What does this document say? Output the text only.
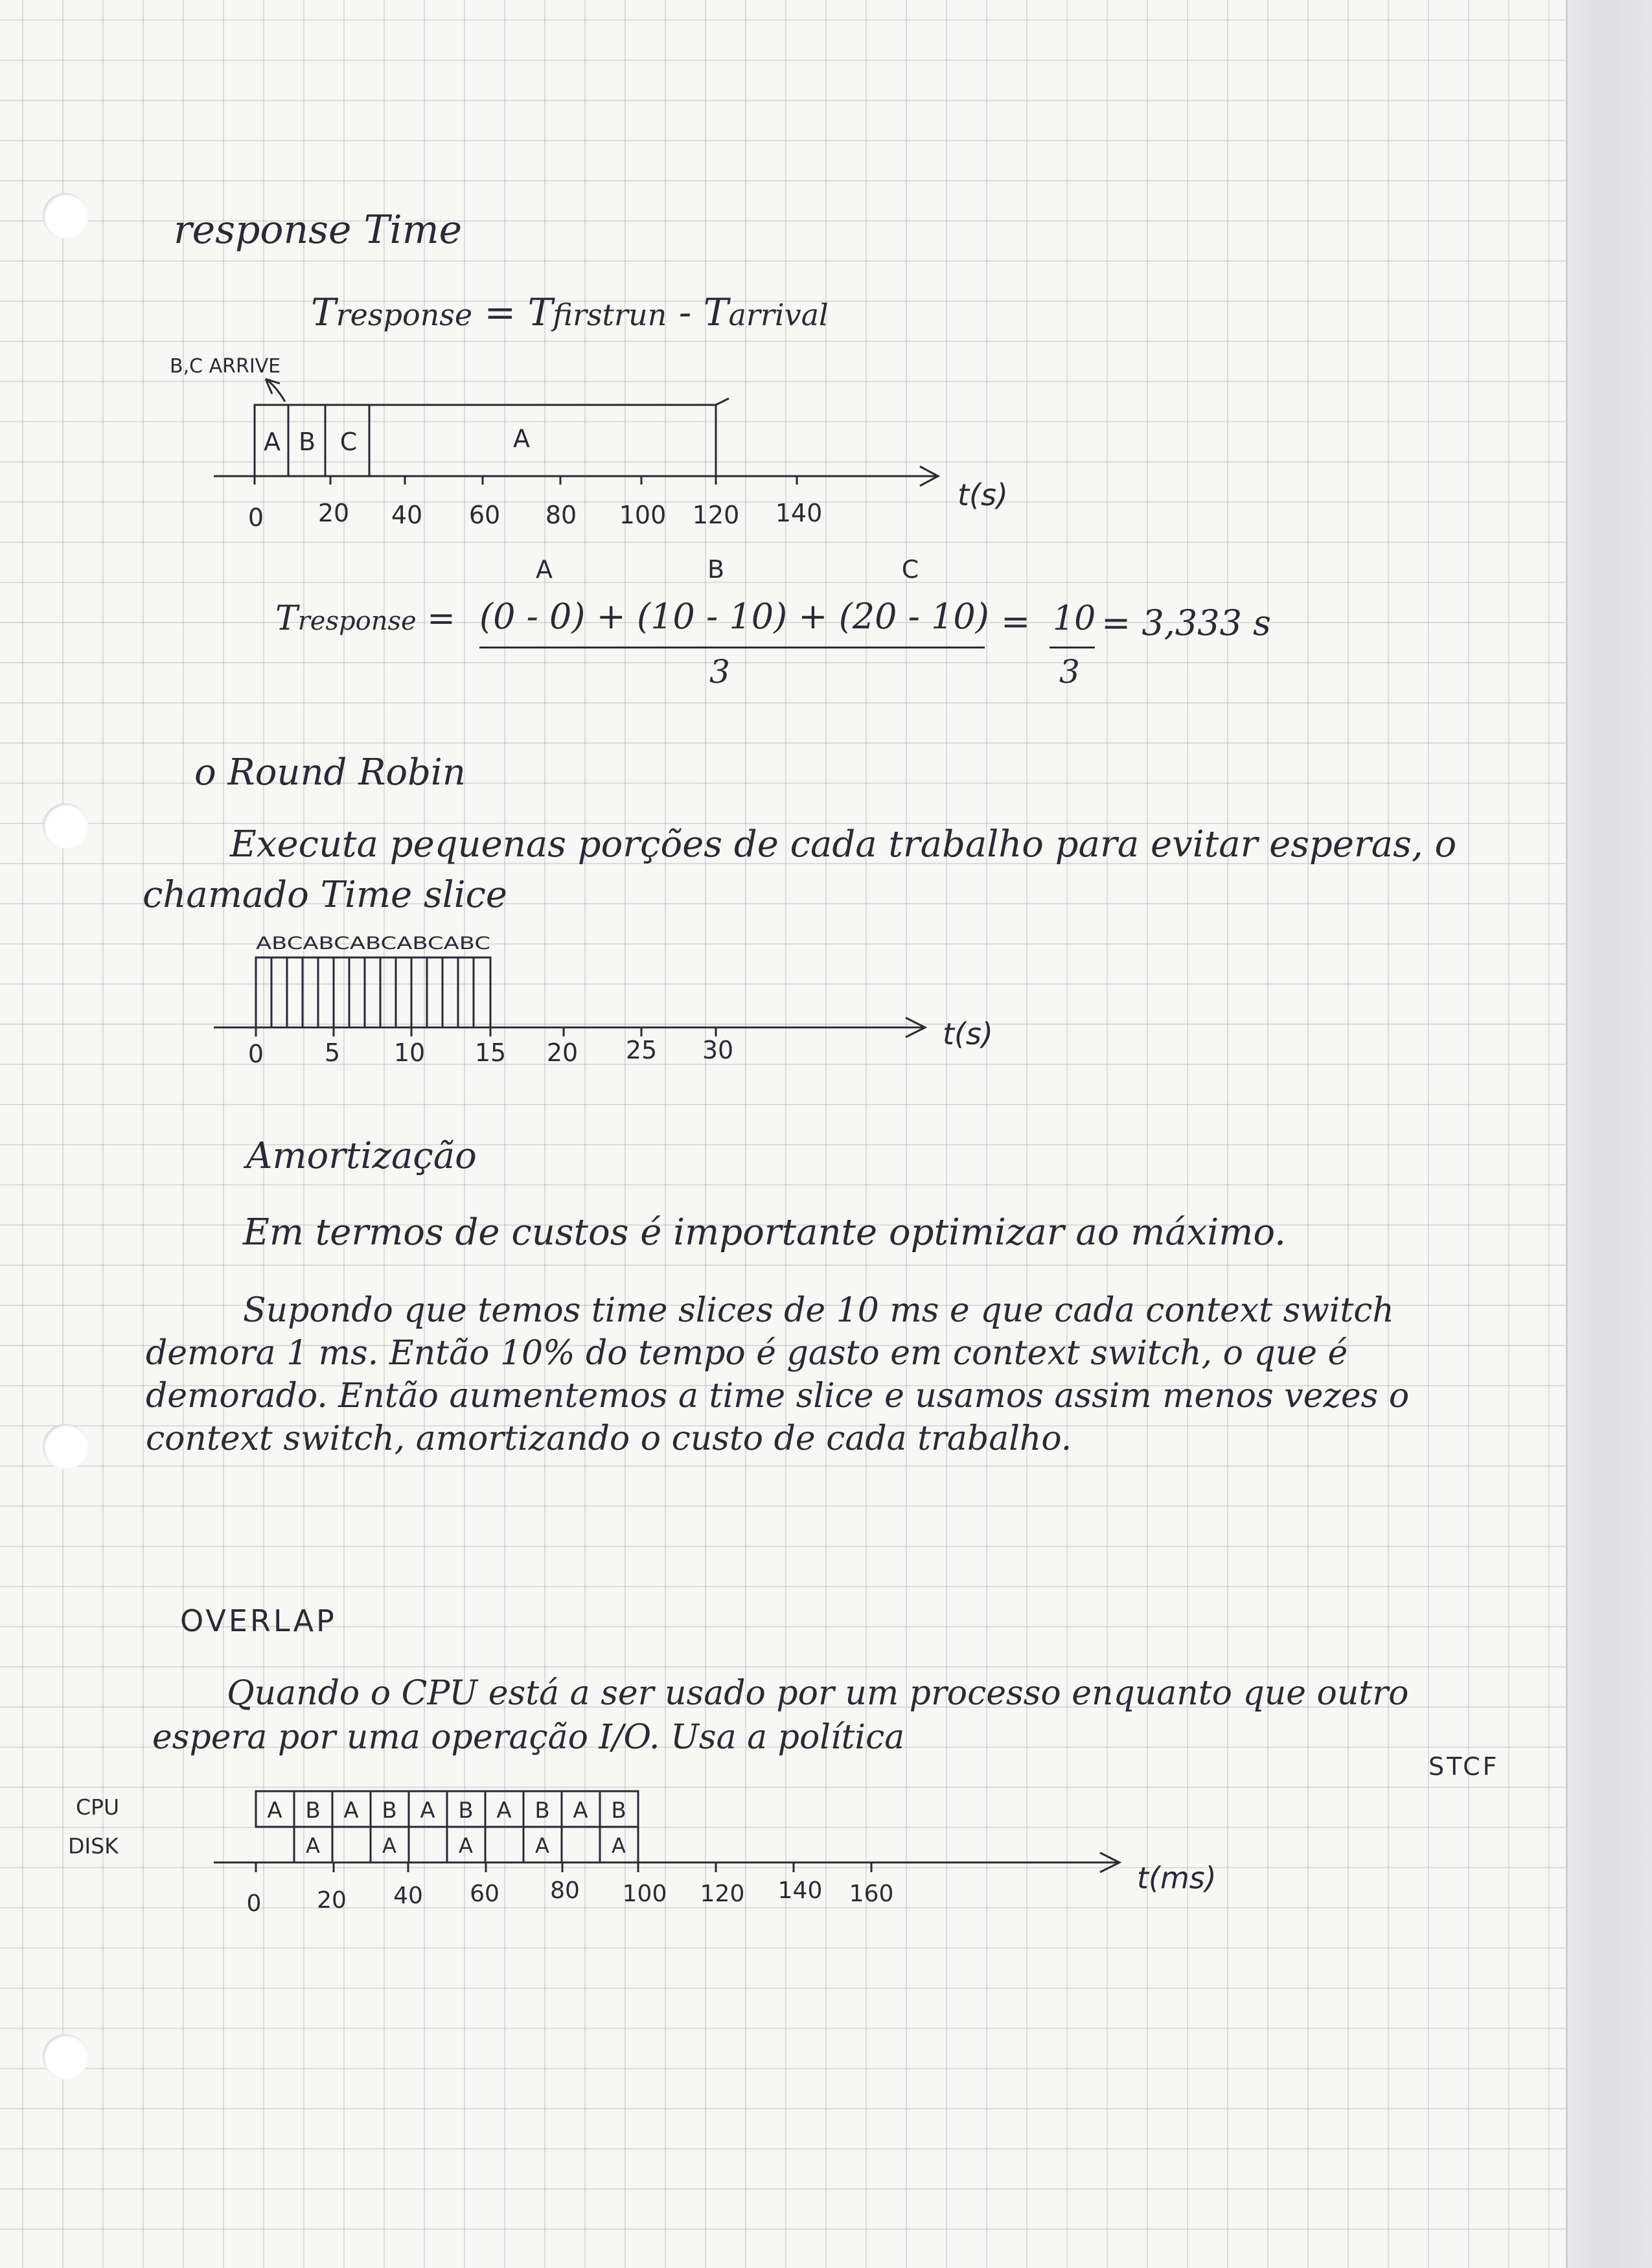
response Time
Tresponse = Tfirstrun - Tarrival
B,C ARRIVE
A B C	A
0 20 40 60 80 100 120 140
t(s)
A	B	C
Tresponse = (0 - 0) + (10 - 10) + (20 - 10)
3
= 10
3
= 3,333 s
o Round Robin
Executa pequenas porções de cada trabalho para evitar esperas, o chamado Time slice
ABCABCABCABCABC
0 5 10 15 20 25 30	t(s)
Amortização
Em termos de custos é importante optimizar ao máximo.
Supondo que temos time slices de 10 ms e que cada context switch demora 1 ms. Então 10% do tempo é gasto em context switch, o que é demorado. Então aumentemos a time slice e usamos assim menos vezes o context switch, amortizando o custo de cada trabalho.
OVERLAP
Quando o CPU está a ser usado por um processo enquanto que outro espera por uma operação I/O. Usa a política
STCF
CPU
DISK
A B A B A B A B A B
A	A	A	A	A
0 20 40 60 80 100 120 140 160	t(ms)
